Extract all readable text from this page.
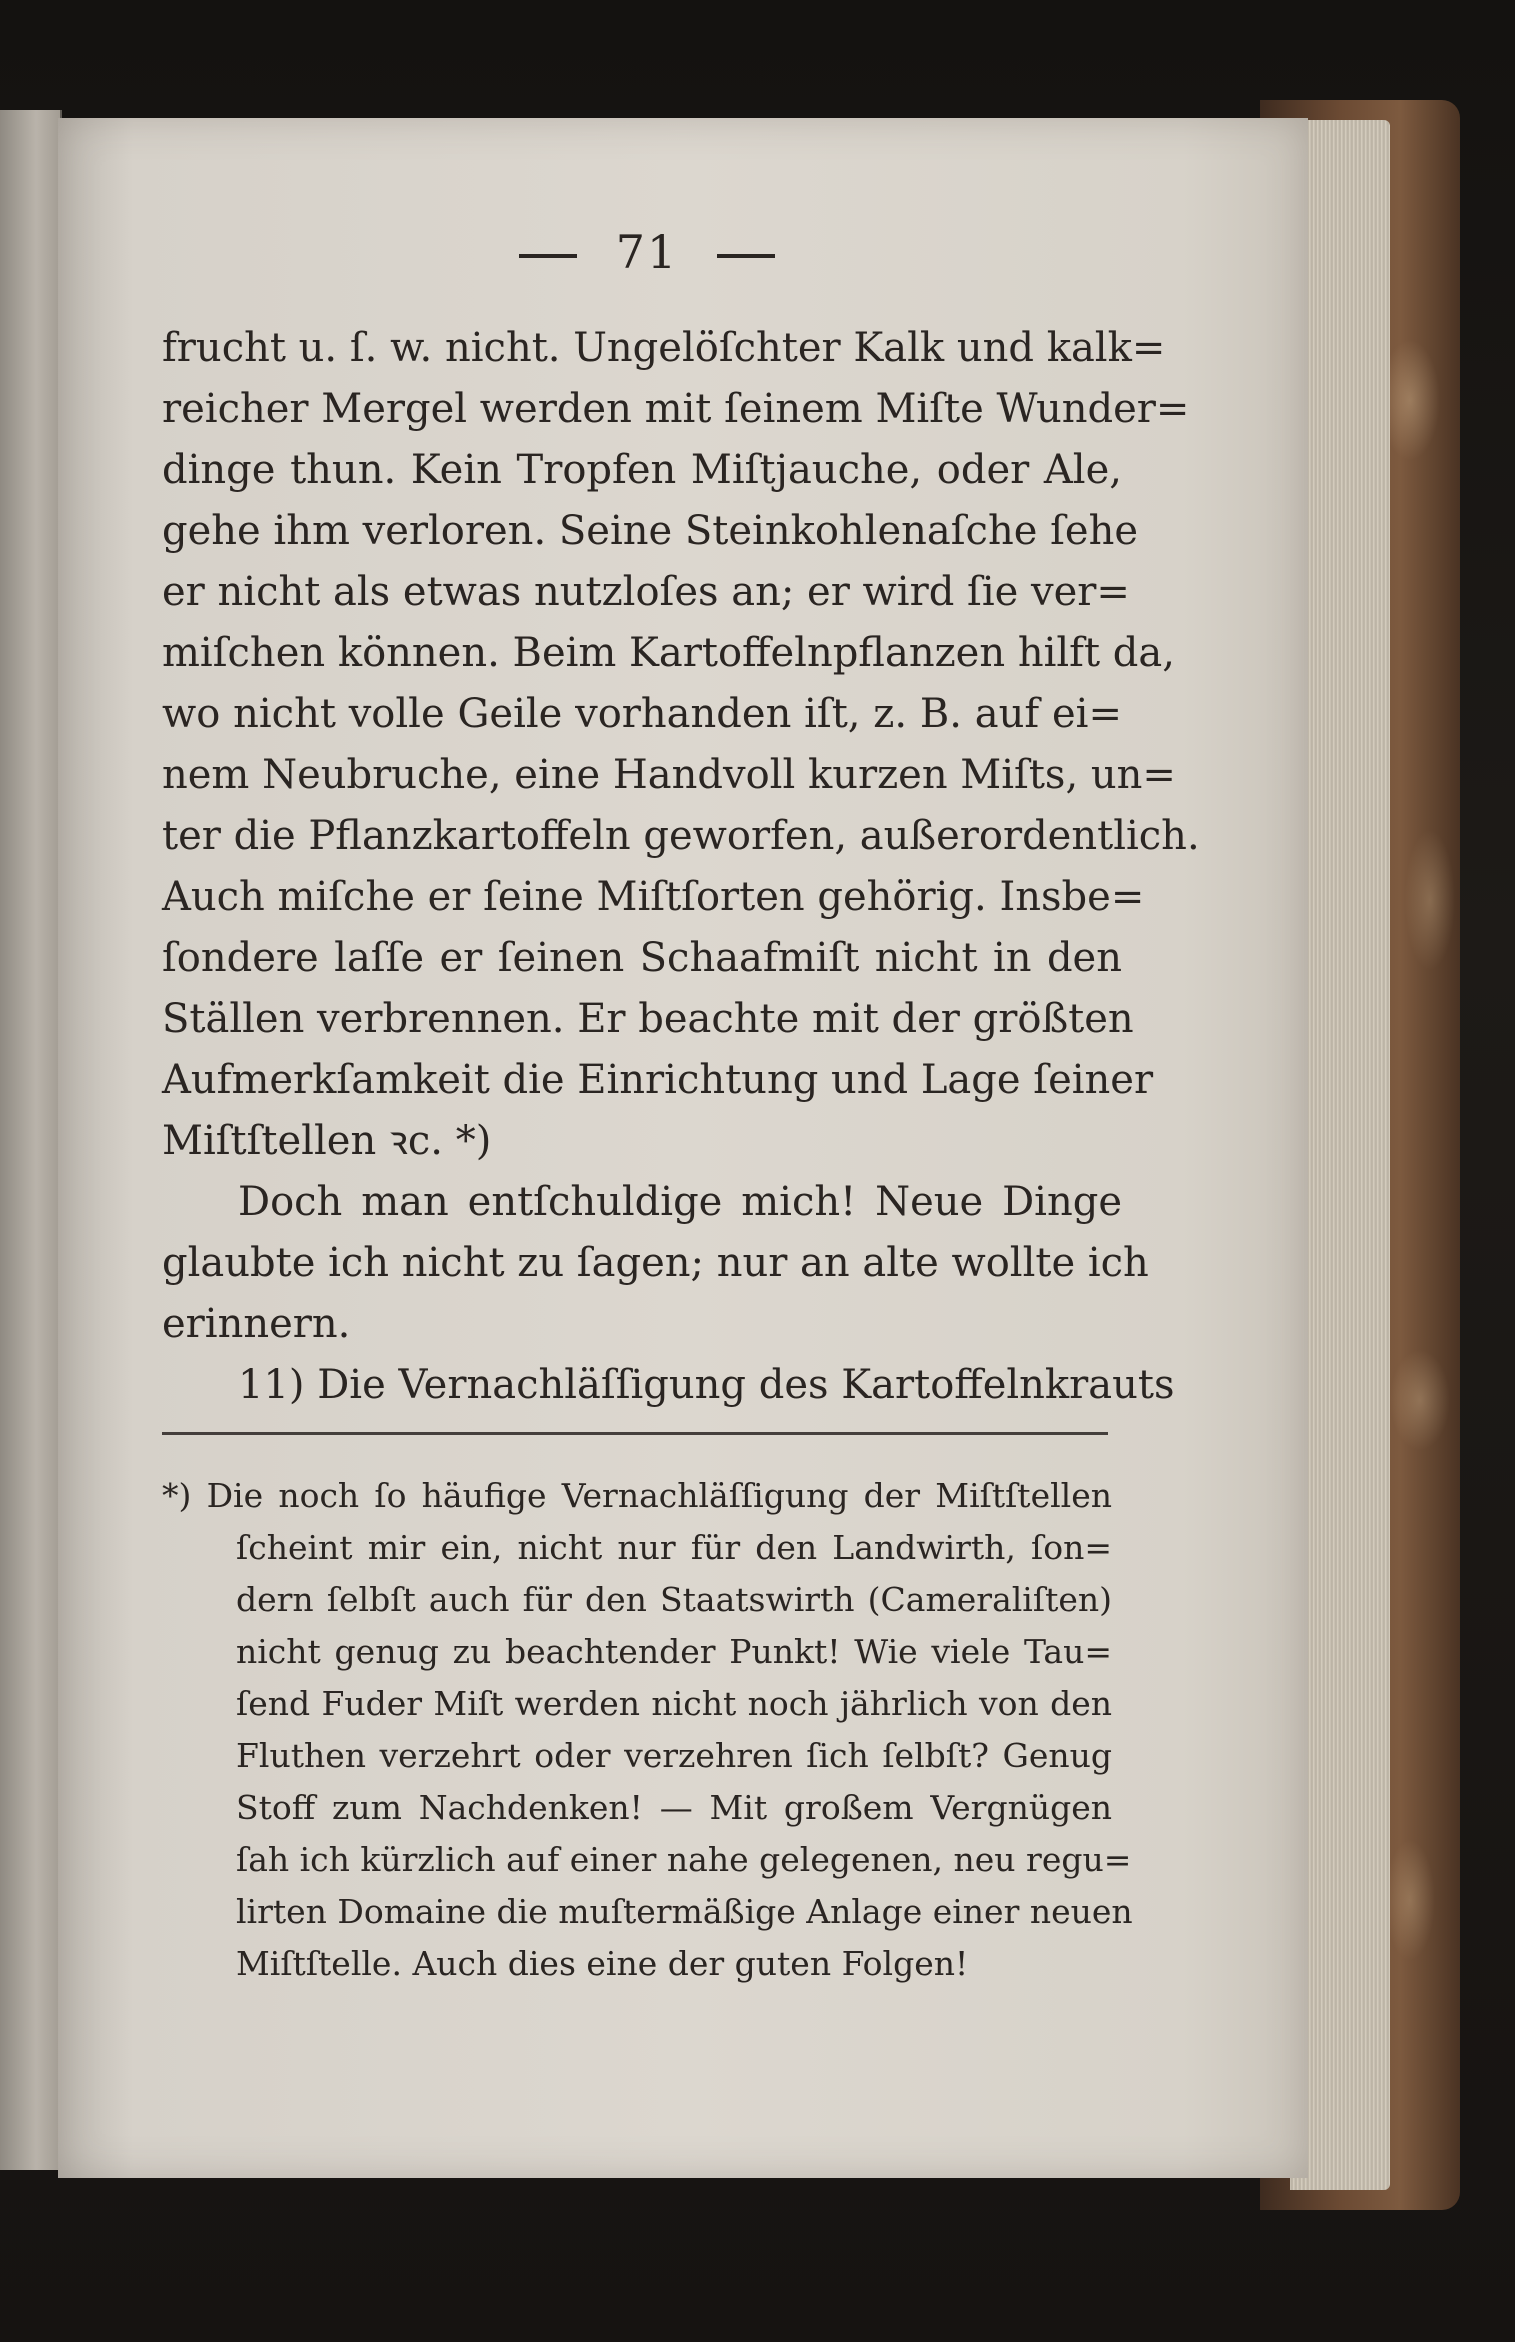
71
frucht u. ſ. w. nicht. Ungelöſchter Kalk und kalk=
reicher Mergel werden mit ſeinem Miſte Wunder=
dinge thun. Kein Tropfen Miſtjauche, oder Ale,
gehe ihm verloren. Seine Steinkohlenaſche ſehe
er nicht als etwas nutzloſes an; er wird ſie ver=
miſchen können. Beim Kartoffelnpflanzen hilft da,
wo nicht volle Geile vorhanden iſt, z. B. auf ei=
nem Neubruche, eine Handvoll kurzen Miſts, un=
ter die Pflanzkartoffeln geworfen, außerordentlich.
Auch miſche er ſeine Miſtſorten gehörig. Insbe=
ſondere laſſe er ſeinen Schaafmiſt nicht in den
Ställen verbrennen. Er beachte mit der größten
Aufmerkſamkeit die Einrichtung und Lage ſeiner
Miſtſtellen ꝛc. *)
Doch man entſchuldige mich! Neue Dinge
glaubte ich nicht zu ſagen; nur an alte wollte ich
erinnern.
11) Die Vernachläſſigung des Kartoffelnkrauts
*) Die noch ſo häufige Vernachläſſigung der Miſtſtellen
ſcheint mir ein, nicht nur für den Landwirth, ſon=
dern ſelbſt auch für den Staatswirth (Cameraliſten)
nicht genug zu beachtender Punkt! Wie viele Tau=
ſend Fuder Miſt werden nicht noch jährlich von den
Fluthen verzehrt oder verzehren ſich ſelbſt? Genug
Stoff zum Nachdenken! — Mit großem Vergnügen
ſah ich kürzlich auf einer nahe gelegenen, neu regu=
lirten Domaine die muſtermäßige Anlage einer neuen
Miſtſtelle. Auch dies eine der guten Folgen!
